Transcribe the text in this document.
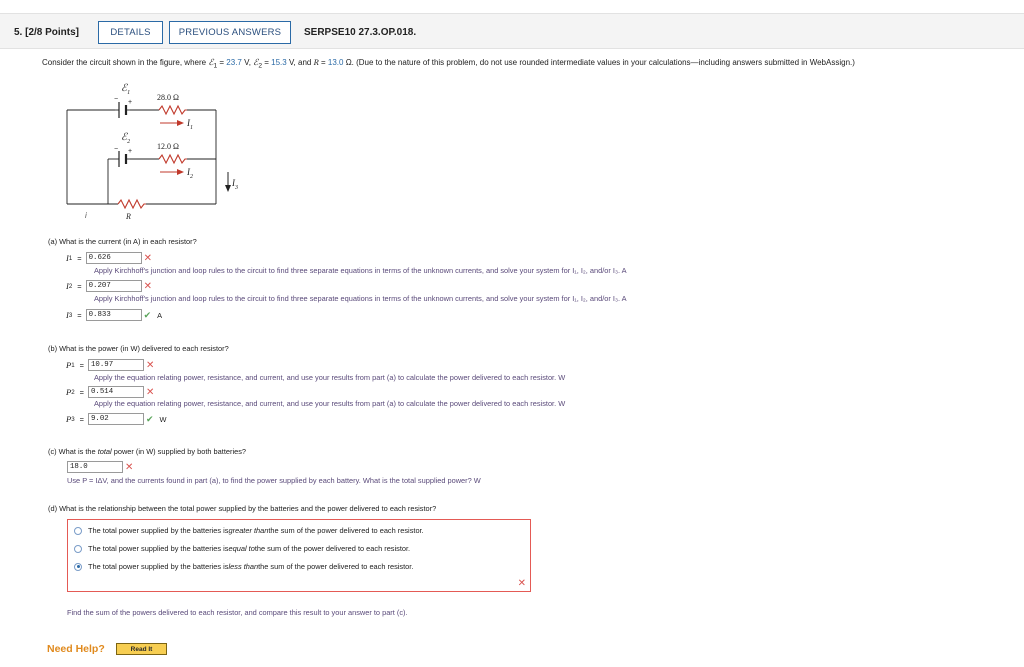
5. [2/8 Points]	DETAILS	PREVIOUS ANSWERS	SERPSE10 27.3.OP.018.
Consider the circuit shown in the figure, where ℰ$_1$ = 23.7 V, ℰ$_2$ = 15.3 V, and R = 13.0 Ω. (Due to the nature of this problem, do not use rounded intermediate values in your calculations—including answers submitted in WebAssign.)
ℰ$_1$
− +
ℰ$_2$
− +
28.0 Ω
12.0 Ω
$I_1$
$I_2$
$I_3$
i	R
(a) What is the current (in A) in each resistor?
I 1 = 0.626	✕
Apply Kirchhoff's junction and loop rules to the circuit to find three separate equations in terms of the unknown currents, and solve your system for I₁, I₂, and/or I₃. A
I 2 = 0.207	✕
Apply Kirchhoff's junction and loop rules to the circuit to find three separate equations in terms of the unknown currents, and solve your system for I₁, I₂, and/or I₃. A
I 3 = 0.833	✔ A
(b) What is the power (in W) delivered to each resistor?
P 1 = 10.97	✕
Apply the equation relating power, resistance, and current, and use your results from part (a) to calculate the power delivered to each resistor. W
P 2 = 0.514	✕
Apply the equation relating power, resistance, and current, and use your results from part (a) to calculate the power delivered to each resistor. W
P 3 = 9.02	✔ W
(c) What is the total power (in W) supplied by both batteries?
18.0	✕
Use P = IΔV, and the currents found in part (a), to find the power supplied by each battery. What is the total supplied power? W
(d) What is the relationship between the total power supplied by the batteries and the power delivered to each resistor?
The total power supplied by the batteries is greater than the sum of the power delivered to each resistor.
The total power supplied by the batteries is equal to the sum of the power delivered to each resistor.
The total power supplied by the batteries is less than the sum of the power delivered to each resistor.
✕
Find the sum of the powers delivered to each resistor, and compare this result to your answer to part (c).
Need Help?	Read It
